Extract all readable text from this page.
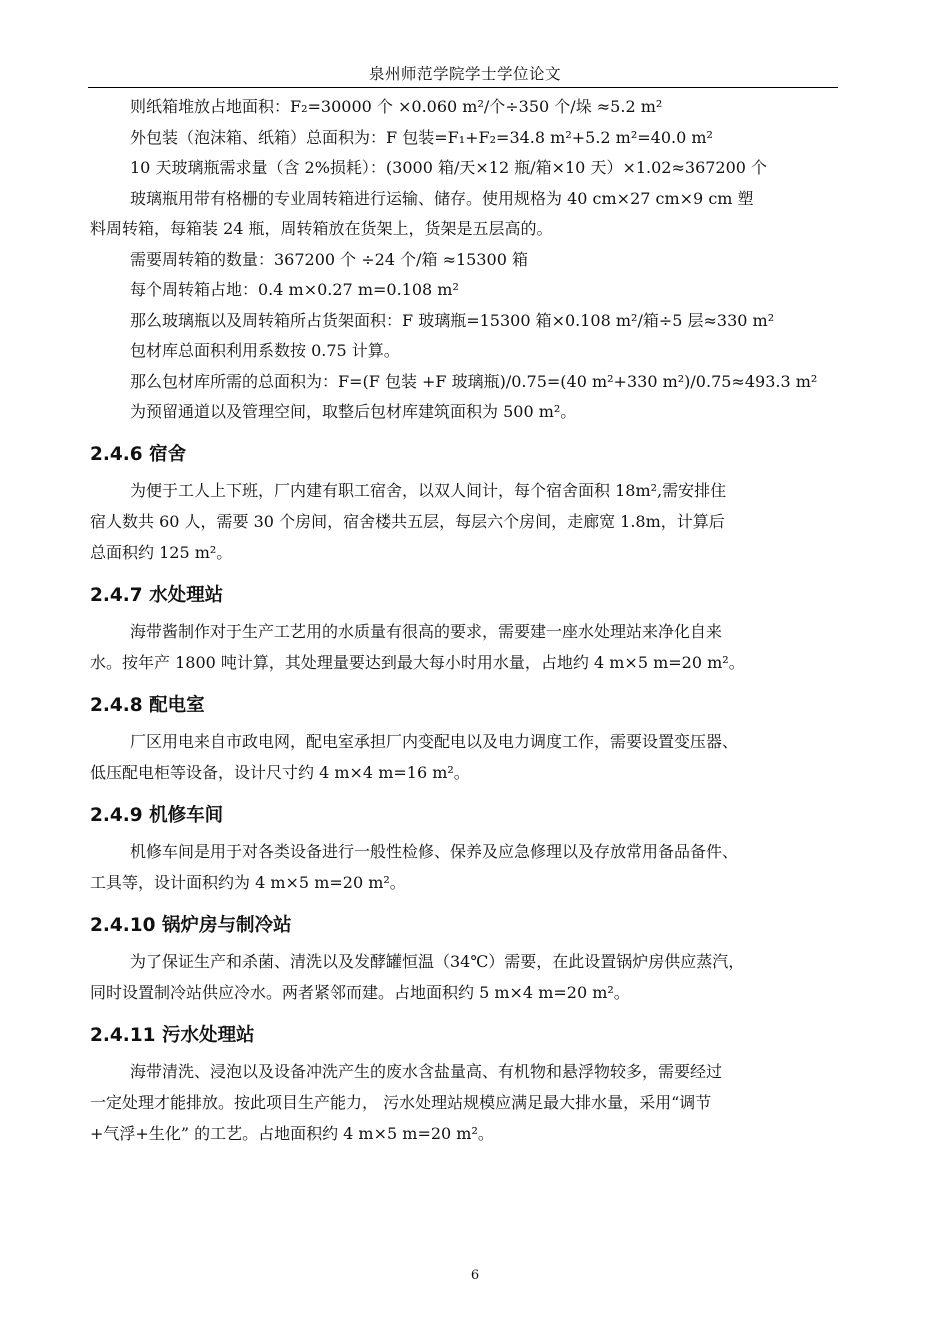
泉州师范学院学士学位论文
则纸箱堆放占地面积：F₂=30000 个 ×0.060 m²/个÷350 个/垛 ≈5.2 m²
外包装（泡沫箱、纸箱）总面积为：F 包装=F₁+F₂=34.8 m²+5.2 m²=40.0 m²
10 天玻璃瓶需求量（含 2%损耗）：(3000 箱/天×12 瓶/箱×10 天）×1.02≈367200 个
玻璃瓶用带有格栅的专业周转箱进行运输、储存。使用规格为 40 cm×27 cm×9 cm 塑
料周转箱，每箱装 24 瓶，周转箱放在货架上，货架是五层高的。
需要周转箱的数量：367200 个 ÷24 个/箱 ≈15300 箱
每个周转箱占地：0.4 m×0.27 m=0.108 m²
那么玻璃瓶以及周转箱所占货架面积：F 玻璃瓶=15300 箱×0.108 m²/箱÷5 层≈330 m²
包材库总面积利用系数按 0.75 计算。
那么包材库所需的总面积为：F=(F 包装 +F 玻璃瓶)/0.75=(40 m²+330 m²)/0.75≈493.3 m²
为预留通道以及管理空间，取整后包材库建筑面积为 500 m²。
2.4.6 宿舍
为便于工人上下班，厂内建有职工宿舍，以双人间计，每个宿舍面积 18m²,需安排住
宿人数共 60 人，需要 30 个房间，宿舍楼共五层，每层六个房间，走廊宽 1.8m，计算后
总面积约 125 m²。
2.4.7 水处理站
海带酱制作对于生产工艺用的水质量有很高的要求，需要建一座水处理站来净化自来
水。按年产 1800 吨计算，其处理量要达到最大每小时用水量，占地约 4 m×5 m=20 m²。
2.4.8 配电室
厂区用电来自市政电网，配电室承担厂内变配电以及电力调度工作，需要设置变压器、
低压配电柜等设备，设计尺寸约 4 m×4 m=16 m²。
2.4.9 机修车间
机修车间是用于对各类设备进行一般性检修、保养及应急修理以及存放常用备品备件、
工具等，设计面积约为 4 m×5 m=20 m²。
2.4.10 锅炉房与制冷站
为了保证生产和杀菌、清洗以及发酵罐恒温（34℃）需要，在此设置锅炉房供应蒸汽，
同时设置制冷站供应冷水。两者紧邻而建。占地面积约 5 m×4 m=20 m²。
2.4.11 污水处理站
海带清洗、浸泡以及设备冲洗产生的废水含盐量高、有机物和悬浮物较多，需要经过
一定处理才能排放。按此项目生产能力， 污水处理站规模应满足最大排水量，采用“调节
+气浮+生化” 的工艺。占地面积约 4 m×5 m=20 m²。
6
